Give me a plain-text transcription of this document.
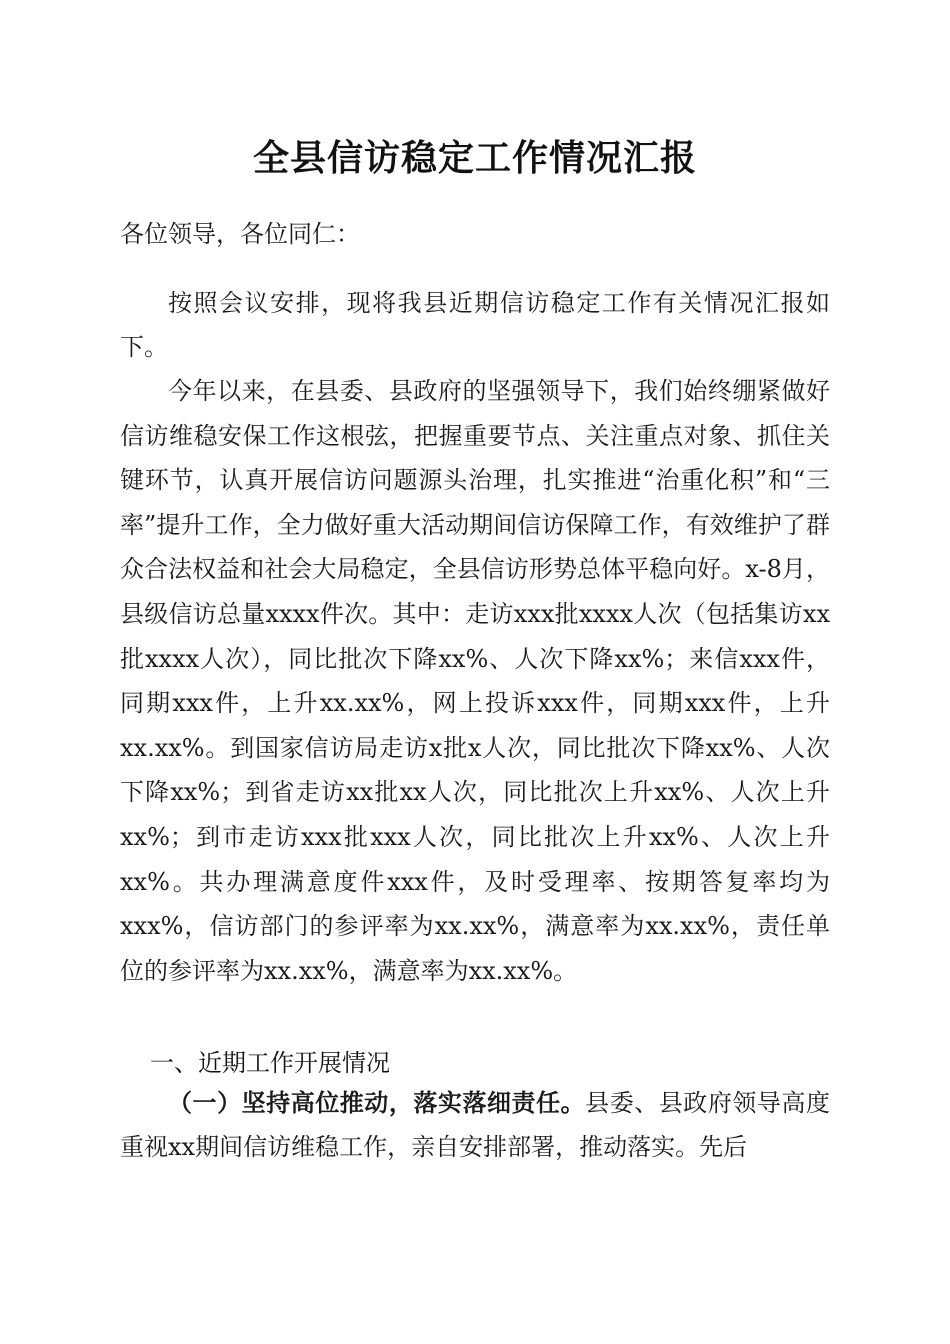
全县信访稳定工作情况汇报
各位领导，各位同仁：
按照会议安排，现将我县近期信访稳定工作有关情况汇报如下。
今年以来，在县委、县政府的坚强领导下，我们始终绷紧做好信访维稳安保工作这根弦，把握重要节点、关注重点对象、抓住关键环节，认真开展信访问题源头治理，扎实推进“治重化积”和“三率”提升工作，全力做好重大活动期间信访保障工作，有效维护了群众合法权益和社会大局稳定，全县信访形势总体平稳向好。x-8月，县级信访总量xxxx件次。其中：走访xxx批xxxx人次（包括集访xx批xxxx人次），同比批次下降xx%、人次下降xx%；来信xxx件，同期xxx件，上升xx.xx%，网上投诉xxx件，同期xxx件，上升xx.xx%。到国家信访局走访x批x人次，同比批次下降xx%、人次下降xx%；到省走访xx批xx人次，同比批次上升xx%、人次上升xx%；到市走访xxx批xxx人次，同比批次上升xx%、人次上升xx%。共办理满意度件xxx件，及时受理率、按期答复率均为xxx%，信访部门的参评率为xx.xx%，满意率为xx.xx%，责任单位的参评率为xx.xx%，满意率为xx.xx%。
一、近期工作开展情况
（一）坚持高位推动，落实落细责任。县委、县政府领导高度重视xx期间信访维稳工作，亲自安排部署，推动落实。先后
